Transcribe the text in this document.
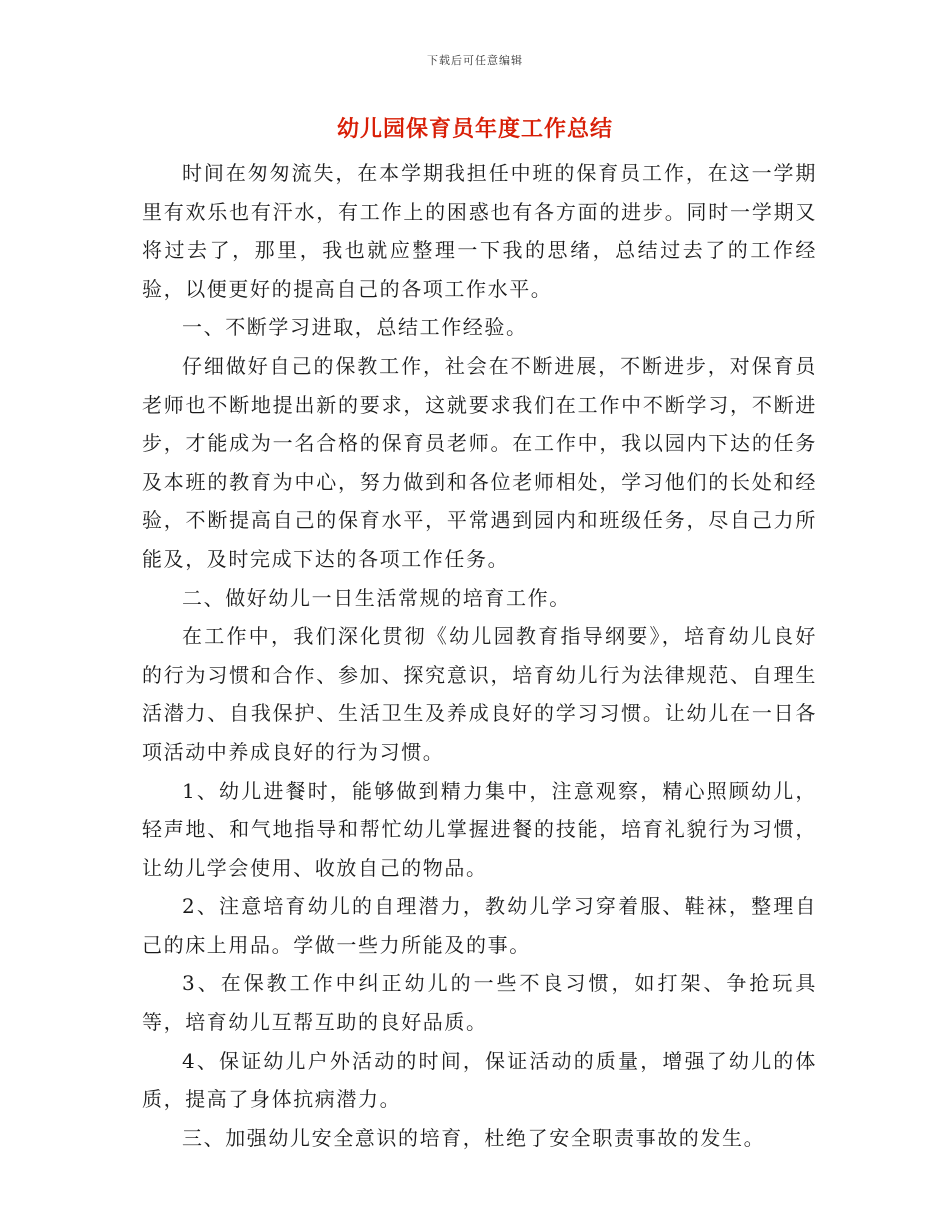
下载后可任意编辑
幼儿园保育员年度工作总结

时间在匆匆流失，在本学期我担任中班的保育员工作，在这一学期里有欢乐也有汗水，有工作上的困惑也有各方面的进步。同时一学期又将过去了，那里，我也就应整理一下我的思绪，总结过去了的工作经验，以便更好的提高自己的各项工作水平。

一、不断学习进取，总结工作经验。

仔细做好自己的保教工作，社会在不断进展，不断进步，对保育员老师也不断地提出新的要求，这就要求我们在工作中不断学习，不断进步，才能成为一名合格的保育员老师。在工作中，我以园内下达的任务及本班的教育为中心，努力做到和各位老师相处，学习他们的长处和经验，不断提高自己的保育水平，平常遇到园内和班级任务，尽自己力所能及，及时完成下达的各项工作任务。

二、做好幼儿一日生活常规的培育工作。

在工作中，我们深化贯彻《幼儿园教育指导纲要》，培育幼儿良好的行为习惯和合作、参加、探究意识，培育幼儿行为法律规范、自理生活潜力、自我保护、生活卫生及养成良好的学习习惯。让幼儿在一日各项活动中养成良好的行为习惯。

1、幼儿进餐时，能够做到精力集中，注意观察，精心照顾幼儿，轻声地、和气地指导和帮忙幼儿掌握进餐的技能，培育礼貌行为习惯，让幼儿学会使用、收放自己的物品。

2、注意培育幼儿的自理潜力，教幼儿学习穿着服、鞋袜，整理自己的床上用品。学做一些力所能及的事。

3、在保教工作中纠正幼儿的一些不良习惯，如打架、争抢玩具等，培育幼儿互帮互助的良好品质。

4、保证幼儿户外活动的时间，保证活动的质量，增强了幼儿的体质，提高了身体抗病潜力。

三、加强幼儿安全意识的培育，杜绝了安全职责事故的发生。
